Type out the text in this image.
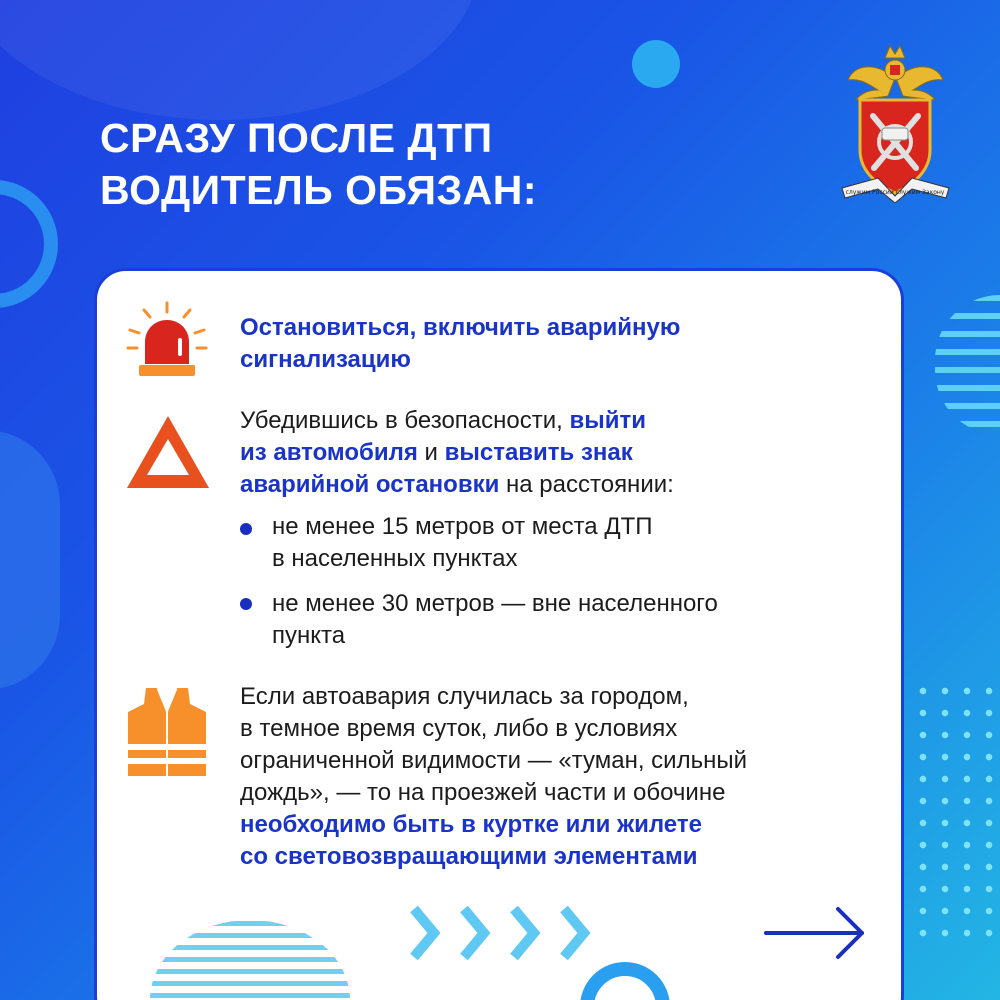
СРАЗУ ПОСЛЕ ДТП
ВОДИТЕЛЬ ОБЯЗАН:	служим России служим Закону

Остановиться, включить аварийную
сигнализацию

Убедившись в безопасности, выйти
из автомобиля и выставить знак
аварийной остановки на расстоянии:

не менее 15 метров от места ДТП
в населенных пунктах

не менее 30 метров — вне населенного
пункта

Если автоавария случилась за городом,
в темное время суток, либо в условиях
ограниченной видимости — «туман, сильный
дождь», — то на проезжей части и обочине
необходимо быть в куртке или жилете
со световозвращающими элементами
